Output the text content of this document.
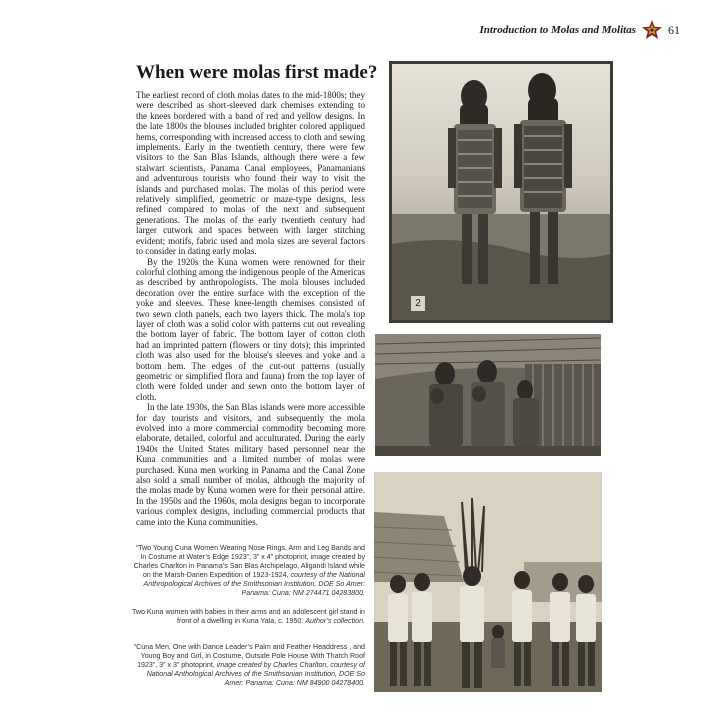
Introduction to Molas and Molitas	61
When were molas first made?

The earliest record of cloth molas dates to the mid-1800s; they were described as short-sleeved dark chemises extending to the knees bordered with a band of red and yellow designs. In the late 1800s the blouses included brighter colored appliqued hems, corresponding with increased access to cloth and sewing implements. Early in the twentieth century, there were few visitors to the San Blas Islands, although there were a few stalwart scientists, Panama Canal employees, Panamanians and adventurous tourists who found their way to visit the islands and purchased molas. The molas of this period were relatively simplified, geometric or maze-type designs, less refined compared to molas of the next and subsequent generations. The molas of the early twentieth century had larger cutwork and spaces between with larger stitching evident; motifs, fabric used and mola sizes are several factors to consider in dating early molas.

By the 1920s the Kuna women were renowned for their colorful clothing among the indigenous people of the Americas as described by anthropologists. The mola blouses included decoration over the entire surface with the exception of the yoke and sleeves. These knee-length chemises consisted of two sewn cloth panels, each two layers thick. The mola's top layer of cloth was a solid color with patterns cut out revealing the bottom layer of fabric. The bottom layer of cotton cloth had an imprinted pattern (flowers or tiny dots); this imprinted cloth was also used for the blouse's sleeves and yoke and a bottom hem. The edges of the cut-out patterns (usually geometric or simplified flora and fauna) from the top layer of cloth were folded under and sewn onto the bottom layer of cloth.

In the late 1930s, the San Blas islands were more accessible for day tourists and visitors, and subsequently the mola evolved into a more commercial commodity becoming more elaborate, detailed, colorful and acculturated. During the early 1940s the United States military based personnel near the Kuna communities and a limited number of molas were purchased. Kuna men working in Panama and the Canal Zone also sold a small number of molas, although the majority of the molas made by Kuna women were for their personal attire. In the 1950s and the 1960s, mola designs began to incorporate various complex designs, including commercial products that came into the Kuna communities.

“Two Young Cuna Women Wearing Nose Rings, Arm and Leg Bands and In Costume at Water’s Edge 1923”, 3” x 4” photoprint, image created by Charles Charlton in Panama’s San Blas Archipelago, Aligandi Island while on the Marsh-Darien Expedition of 1923-1924, courtesy of the National Anthropological Archives of the Smithsonian Institution, DOE So Amer: Panama: Cuna: NM 274471 04283800.
Two Kuna women with babies in their arms and an adolescent girl stand in front of a dwelling in Kuna Yala, c. 1950. Author’s collection.
“Cuna Men, One with Dance Leader’s Palm and Feather Headdress , and Young Boy and Girl, in Costume, Outside Pole House With Thatch Roof 1923”, 3” x 3” photoprint, image created by Charles Charlton, courtesy of National Anthological Archives of the Smithsonian Institution, DOE So Amer: Panama: Cuna: NM 84900 04278400.
2
